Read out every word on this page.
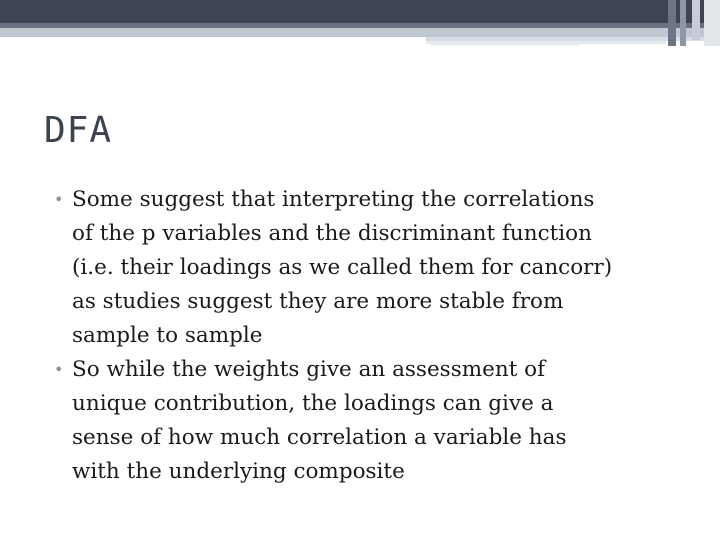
DFA
• Some suggest that interpreting the correlations
of the p variables and the discriminant function
(i.e. their loadings as we called them for cancorr)
as studies suggest they are more stable from
sample to sample
• So while the weights give an assessment of
unique contribution, the loadings can give a
sense of how much correlation a variable has
with the underlying composite
